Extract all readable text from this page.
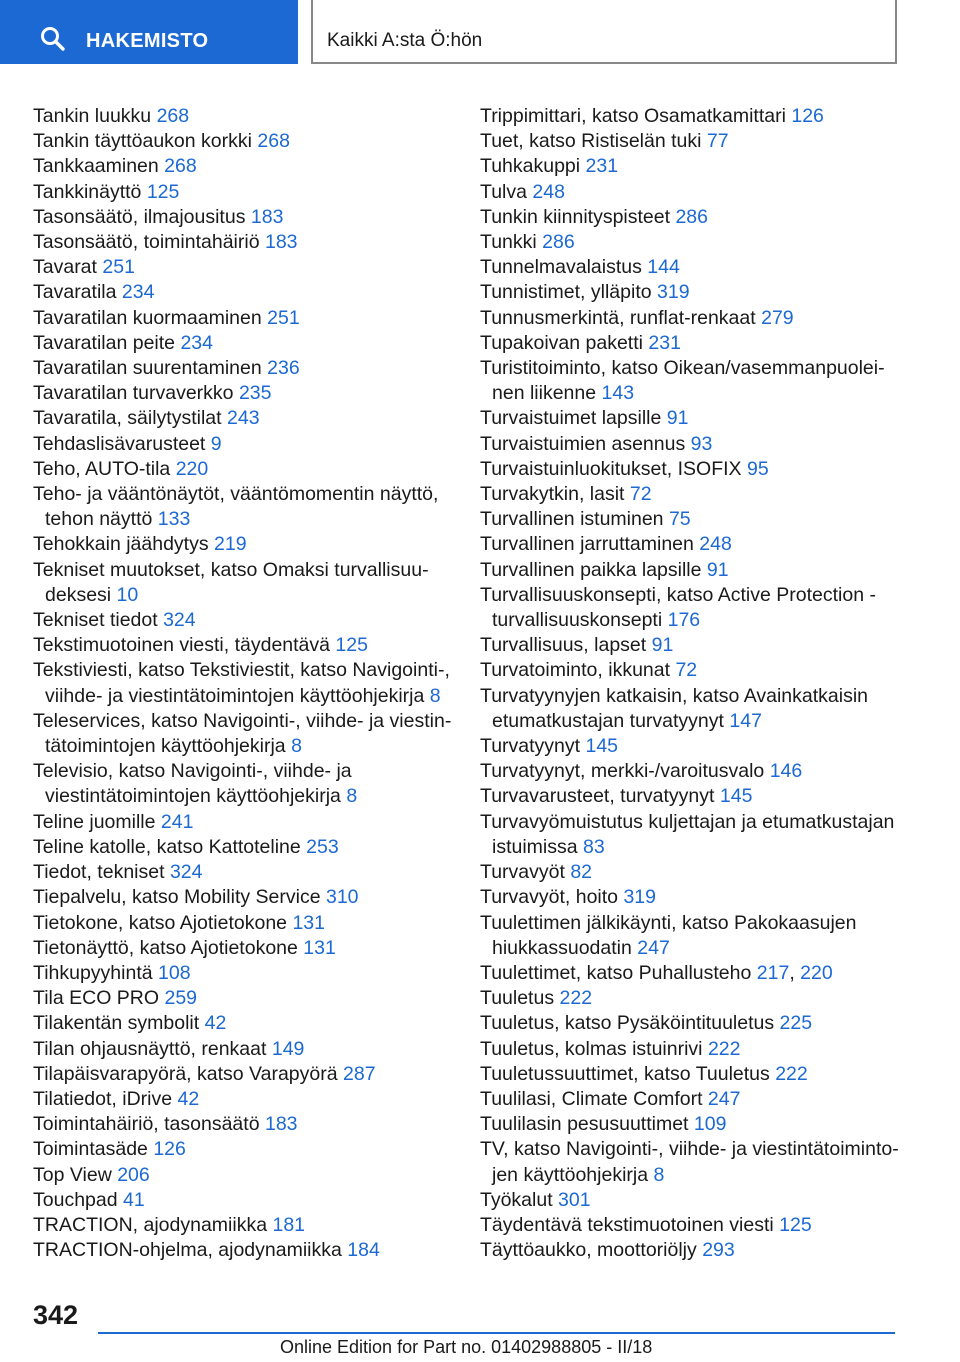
HAKEMISTO	Kaikki A:sta Ö:hön
Tankin luukku 268
Tankin täyttöaukon korkki 268
Tankkaaminen 268
Tankkinäyttö 125
Tasonsäätö, ilmajousitus 183
Tasonsäätö, toimintahäiriö 183
Tavarat 251
Tavaratila 234
Tavaratilan kuormaaminen 251
Tavaratilan peite 234
Tavaratilan suurentaminen 236
Tavaratilan turvaverkko 235
Tavaratila, säilytystilat 243
Tehdaslisävarusteet 9
Teho, AUTO-tila 220
Teho- ja vääntönäytöt, vääntömomentin näyttö, tehon näyttö 133
Tehokkain jäähdytys 219
Tekniset muutokset, katso Omaksi turvallisuudeksesi 10
Tekniset tiedot 324
Tekstimuotoinen viesti, täydentävä 125
Tekstiviesti, katso Tekstiviestit, katso Navigointi-, viihde- ja viestintätoimintojen käyttöohjekirja 8
Teleservices, katso Navigointi-, viihde- ja viestintätoimintojen käyttöohjekirja 8
Televisio, katso Navigointi-, viihde- ja viestintätoimintojen käyttöohjekirja 8
Teline juomille 241
Teline katolle, katso Kattoteline 253
Tiedot, tekniset 324
Tiepalvelu, katso Mobility Service 310
Tietokone, katso Ajotietokone 131
Tietonäyttö, katso Ajotietokone 131
Tihkupyyhintä 108
Tila ECO PRO 259
Tilakentän symbolit 42
Tilan ohjausnäyttö, renkaat 149
Tilapäisvarapyörä, katso Varapyörä 287
Tilatiedot, iDrive 42
Toimintahäiriö, tasonsäätö 183
Toimintasäde 126
Top View 206
Touchpad 41
TRACTION, ajodynamiikka 181
TRACTION-ohjelma, ajodynamiikka 184
Trippimittari, katso Osamatkamittari 126
Tuet, katso Ristiselän tuki 77
Tuhkakuppi 231
Tulva 248
Tunkin kiinnityspisteet 286
Tunkki 286
Tunnelmavalaistus 144
Tunnistimet, ylläpito 319
Tunnusmerkintä, runflat-renkaat 279
Tupakoivan paketti 231
Turistitoiminto, katso Oikean/vasemmanpuoleinen liikenne 143
Turvaistuimet lapsille 91
Turvaistuimien asennus 93
Turvaistuinluokitukset, ISOFIX 95
Turvakytkin, lasit 72
Turvallinen istuminen 75
Turvallinen jarruttaminen 248
Turvallinen paikka lapsille 91
Turvallisuuskonsepti, katso Active Protection - turvallisuuskonsepti 176
Turvallisuus, lapset 91
Turvatoiminto, ikkunat 72
Turvatyynyjen katkaisin, katso Avainkatkaisin etumatkustajan turvatyynyt 147
Turvatyynyt 145
Turvatyynyt, merkki-/varoitusvalo 146
Turvavarusteet, turvatyynyt 145
Turvavyömuistutus kuljettajan ja etumatkustajan istuimissa 83
Turvavyöt 82
Turvavyöt, hoito 319
Tuulettimen jälkikäynti, katso Pakokaasujen hiukkassuodatin 247
Tuulettimet, katso Puhallusteho 217, 220
Tuuletus 222
Tuuletus, katso Pysäköintituuletus 225
Tuuletus, kolmas istuinrivi 222
Tuuletussuuttimet, katso Tuuletus 222
Tuulilasi, Climate Comfort 247
Tuulilasin pesusuuttimet 109
TV, katso Navigointi-, viihde- ja viestintätoimintojen käyttöohjekirja 8
Työkalut 301
Täydentävä tekstimuotoinen viesti 125
Täyttöaukko, moottoriöljy 293
342
Online Edition for Part no. 01402988805 - II/18
